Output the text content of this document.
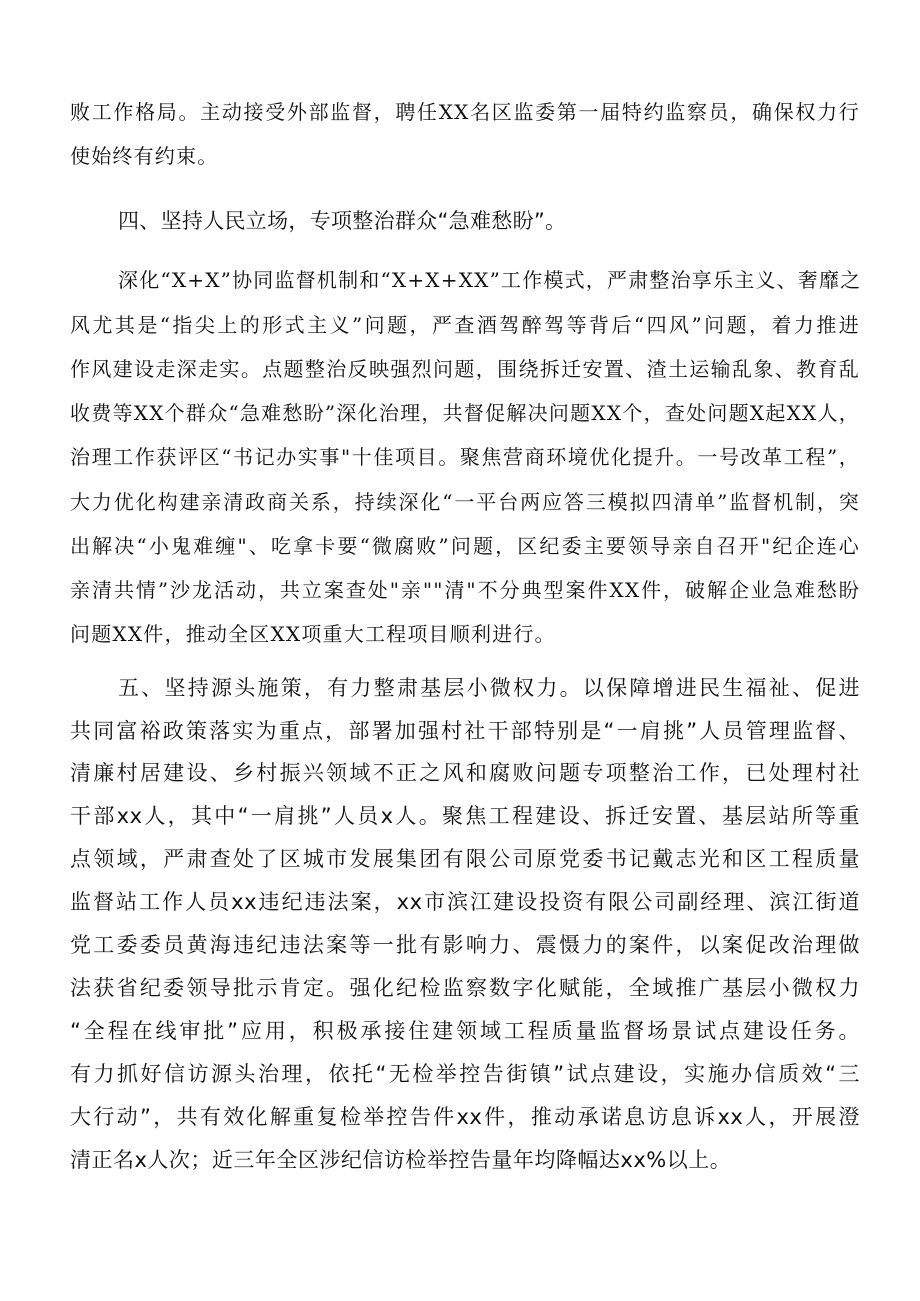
败工作格局。主动接受外部监督，聘任XX名区监委第一届特约监察员，确保权力行

使始终有约束。

四、坚持人民立场，专项整治群众“急难愁盼”。

深化“X+X”协同监督机制和“X+X+XX”工作模式，严肃整治享乐主义、奢靡之

风尤其是“指尖上的形式主义”问题，严查酒驾醉驾等背后“四风”问题，着力推进

作风建设走深走实。点题整治反映强烈问题，围绕拆迁安置、渣土运输乱象、教育乱

收费等XX个群众“急难愁盼”深化治理，共督促解决问题XX个，查处问题X起XX人，

治理工作获评区“书记办实事"十佳项目。聚焦营商环境优化提升。一号改革工程”，

大力优化构建亲清政商关系，持续深化“一平台两应答三模拟四清单”监督机制，突

出解决“小鬼难缠"、吃拿卡要“微腐败”问题，区纪委主要领导亲自召开"纪企连心

亲清共情”沙龙活动，共立案查处"亲""清"不分典型案件XX件，破解企业急难愁盼

问题XX件，推动全区XX项重大工程项目顺利进行。

五、坚持源头施策，有力整肃基层小微权力。以保障增进民生福祉、促进

共同富裕政策落实为重点，部署加强村社干部特别是“一肩挑”人员管理监督、

清廉村居建设、乡村振兴领域不正之风和腐败问题专项整治工作，已处理村社

干部xx人，其中“一肩挑”人员x人。聚焦工程建设、拆迁安置、基层站所等重

点领域，严肃查处了区城市发展集团有限公司原党委书记戴志光和区工程质量

监督站工作人员xx违纪违法案，xx市滨江建设投资有限公司副经理、滨江街道

党工委委员黄海违纪违法案等一批有影响力、震慑力的案件，以案促改治理做

法获省纪委领导批示肯定。强化纪检监察数字化赋能，全域推广基层小微权力

“全程在线审批”应用，积极承接住建领域工程质量监督场景试点建设任务。

有力抓好信访源头治理，依托“无检举控告街镇”试点建设，实施办信质效“三

大行动”，共有效化解重复检举控告件xx件，推动承诺息访息诉xx人，开展澄

清正名x人次；近三年全区涉纪信访检举控告量年均降幅达xx%以上。
